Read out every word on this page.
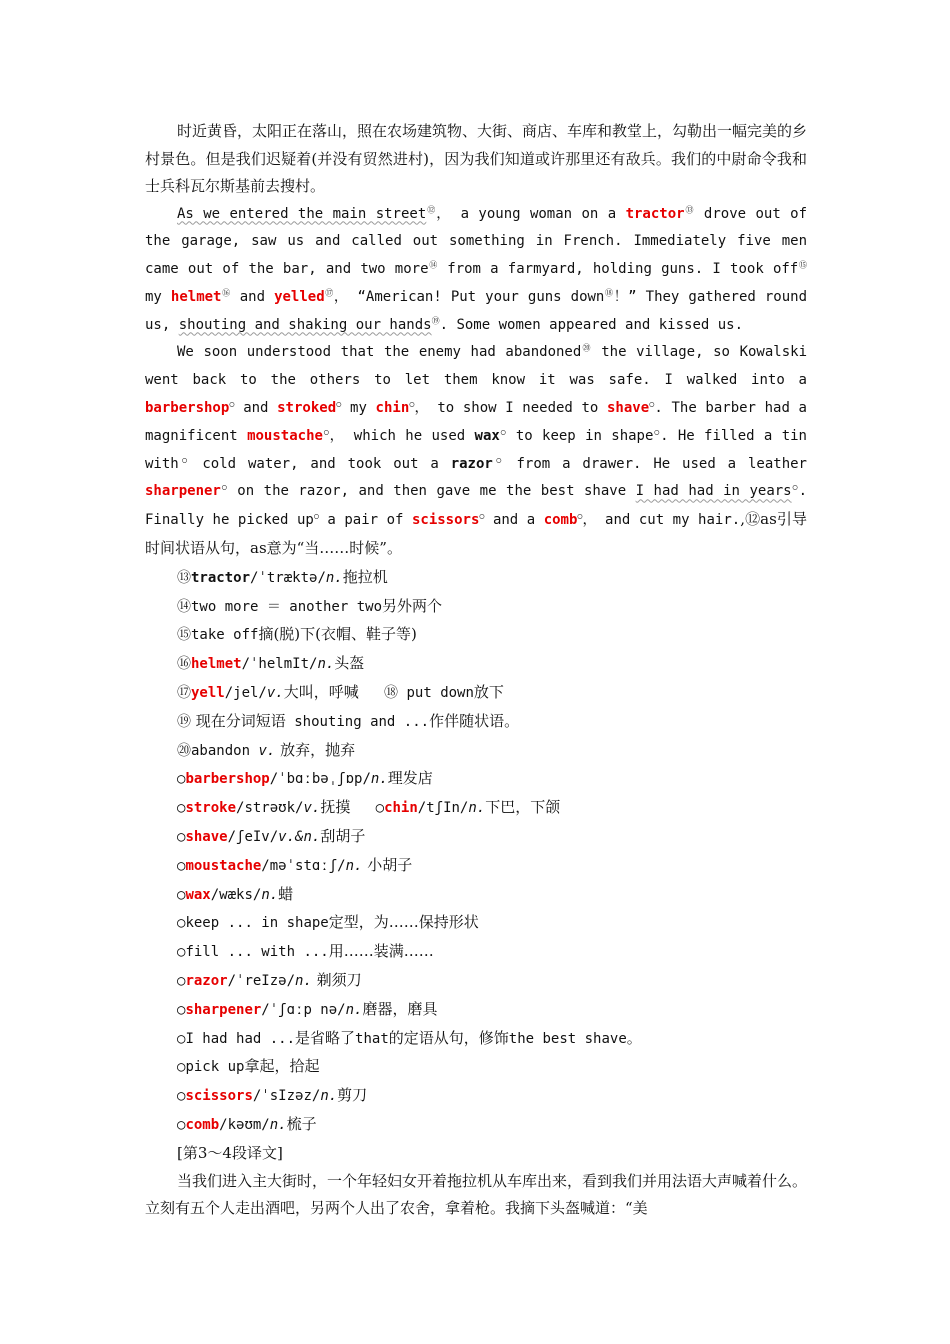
时近黄昏，太阳正在落山，照在农场建筑物、大街、商店、车库和教堂上，勾勒出一幅完美的乡村景色。但是我们迟疑着(并没有贸然进村)，因为我们知道或许那里还有敌兵。我们的中尉命令我和士兵科瓦尔斯基前去搜村。

As we entered the main street⑫， a young woman on a tractor⑬ drove out of the garage, saw us and called out something in French. Immediately five men came out of the bar, and two more⑭ from a farmyard, holding guns. I took off⑮ my helmet⑯ and yelled⑰， “American! Put your guns down⑱！” They gathered round us, shouting and shaking our hands⑲. Some women appeared and kissed us.

We soon understood that the enemy had abandoned⑳ the village, so Kowalski went back to the others to let them know it was safe. I walked into a barbershop○ and stroked○ my chin○， to show I needed to shave○. The barber had a magnificent moustache○， which he used wax○ to keep in shape○. He filled a tin with○ cold water, and took out a razor○ from a drawer. He used a leather sharpener○ on the razor, and then gave me the best shave I had had in years○. Finally he picked up○ a pair of scissors○ and a comb○， and cut my hair.,⑫as引导时间状语从句，as意为“当……时候”。

⑬tractor/ˈtræktə/n.拖拉机
⑭two more ＝ another two另外两个
⑮take off摘(脱)下(衣帽、鞋子等)
⑯helmet/ˈhelmIt/n.头盔
⑰yell/jel/v.大叫，呼喊 ⑱ put down放下
⑲ 现在分词短语 shouting and ...作伴随状语。
⑳abandon v. 放弃，抛弃
○barbershop/ˈbɑːbəˌʃɒp/n.理发店
○stroke/strəʊk/v.抚摸 ○chin/tʃIn/n.下巴，下颌
○shave/ʃeIv/v.&n.刮胡子
○moustache/məˈstɑːʃ/n. 小胡子
○wax/wæks/n.蜡
○keep ... in shape定型，为……保持形状
○fill ... with ...用……装满……
○razor/ˈreIzə/n. 剃须刀
○sharpener/ˈʃɑːp nə/n.磨器，磨具
○I had had ...是省略了that的定语从句，修饰the best shave。
○pick up拿起，拾起
○scissors/ˈsIzəz/n.剪刀
○comb/kəʊm/n.梳子

[第3～4段译文]

当我们进入主大街时，一个年轻妇女开着拖拉机从车库出来，看到我们并用法语大声喊着什么。立刻有五个人走出酒吧，另两个人出了农舍，拿着枪。我摘下头盔喊道：“美
